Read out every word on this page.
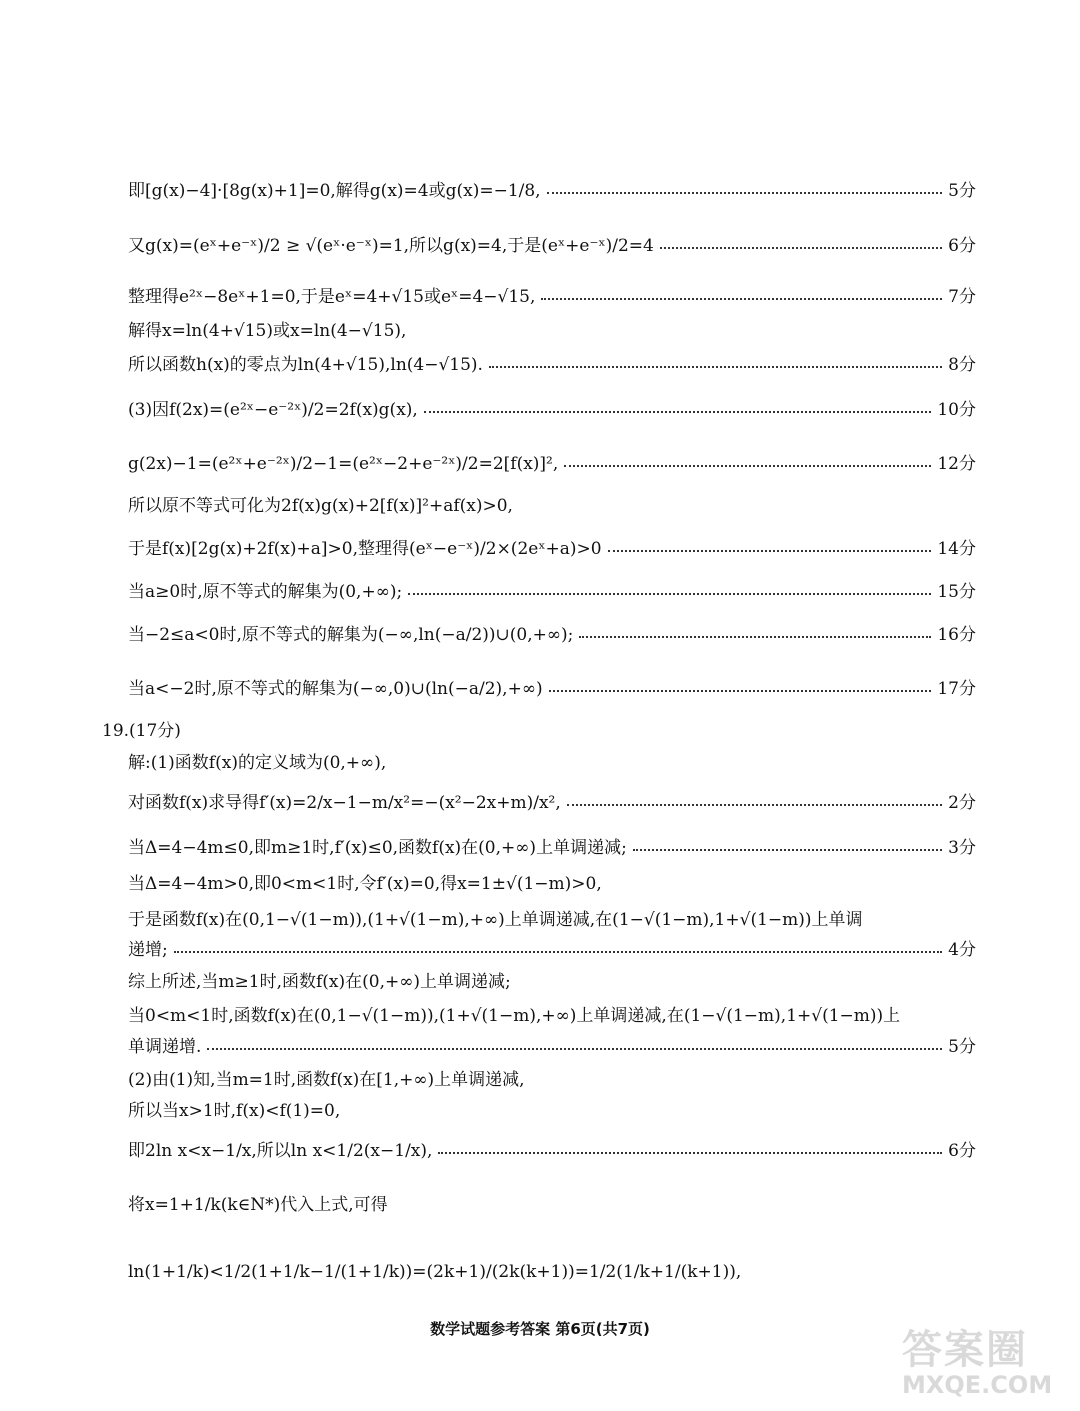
即[g(x)−4]·[8g(x)+1]=0,解得g(x)=4或g(x)=−1/8,	5分
又g(x)=(eˣ+e⁻ˣ)/2 ≥ √(eˣ·e⁻ˣ)=1,所以g(x)=4,于是(eˣ+e⁻ˣ)/2=4	6分
整理得e²ˣ−8eˣ+1=0,于是eˣ=4+√15或eˣ=4−√15,	7分
解得x=ln(4+√15)或x=ln(4−√15),
所以函数h(x)的零点为ln(4+√15),ln(4−√15).	8分
(3)因f(2x)=(e²ˣ−e⁻²ˣ)/2=2f(x)g(x),	10分
g(2x)−1=(e²ˣ+e⁻²ˣ)/2−1=(e²ˣ−2+e⁻²ˣ)/2=2[f(x)]²,	12分
所以原不等式可化为2f(x)g(x)+2[f(x)]²+af(x)>0,
于是f(x)[2g(x)+2f(x)+a]>0,整理得(eˣ−e⁻ˣ)/2×(2eˣ+a)>0	14分
当a≥0时,原不等式的解集为(0,+∞);	15分
当−2≤a<0时,原不等式的解集为(−∞,ln(−a/2))∪(0,+∞);	16分
当a<−2时,原不等式的解集为(−∞,0)∪(ln(−a/2),+∞)	17分
19.(17分)
解:(1)函数f(x)的定义域为(0,+∞),
对函数f(x)求导得f′(x)=2/x−1−m/x²=−(x²−2x+m)/x²,	2分
当Δ=4−4m≤0,即m≥1时,f′(x)≤0,函数f(x)在(0,+∞)上单调递减;	3分
当Δ=4−4m>0,即0<m<1时,令f′(x)=0,得x=1±√(1−m)>0,
于是函数f(x)在(0,1−√(1−m)),(1+√(1−m),+∞)上单调递减,在(1−√(1−m),1+√(1−m))上单调
递增;	4分
综上所述,当m≥1时,函数f(x)在(0,+∞)上单调递减;
当0<m<1时,函数f(x)在(0,1−√(1−m)),(1+√(1−m),+∞)上单调递减,在(1−√(1−m),1+√(1−m))上
单调递增.	5分
(2)由(1)知,当m=1时,函数f(x)在[1,+∞)上单调递减,
所以当x>1时,f(x)<f(1)=0,
即2ln x<x−1/x,所以ln x<1/2(x−1/x),	6分
将x=1+1/k(k∈N*)代入上式,可得
ln(1+1/k)<1/2(1+1/k−1/(1+1/k))=(2k+1)/(2k(k+1))=1/2(1/k+1/(k+1)),
数学试题参考答案 第6页(共7页)	答案圈
MXQE.COM
